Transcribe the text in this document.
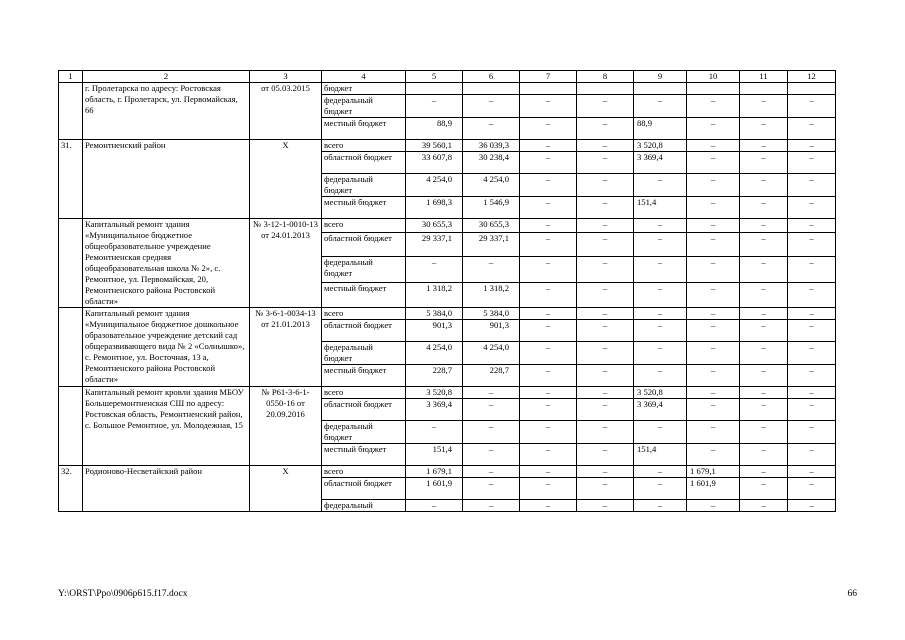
1	2	3	4	5	6	7	8	9	10	11	12
	г. Пролетарска по адресу: Ростовская область, г. Пролетарск, ул. Первомайская, 66	от 05.03.2015	бюджет								
			федеральный бюджет	–	–	–	–	–	–	–	–
			местный бюджет	88,9	–	–	–	88,9	–	–	–
31.	Ремонтненский район	Х	всего	39 560,1	36 039,3	–	–	3 520,8	–	–	–
			областной бюджет	33 607,8	30 238,4	–	–	3 369,4	–	–	–
			федеральный бюджет	4 254,0	4 254,0	–	–	–	–	–	–
			местный бюджет	1 698,3	1 546,9	–	–	151,4	–	–	–
	Капитальный ремонт здания «Муниципальное бюджетное общеобразовательное учреждение Ремонтненская средняя общеобразовательная школа № 2», с. Ремонтное, ул. Первомайская, 20, Ремонтненского района Ростовской области»	№ 3-12-1-0010-13 от 24.01.2013	всего	30 655,3	30 655,3	–	–	–	–	–	–
			областной бюджет	29 337,1	29 337,1	–	–	–	–	–	–
			федеральный бюджет	–	–	–	–	–	–	–	–
			местный бюджет	1 318,2	1 318,2	–	–	–	–	–	–
	Капитальный ремонт здания «Муниципальное бюджетное дошкольное образовательное учреждение детский сад общеразвивающего вида № 2 «Солнышко», с. Ремонтное, ул. Восточная, 13 а, Ремонтненского района Ростовской области»	№ 3-6-1-0034-13 от 21.01.2013	всего	5 384,0	5 384,0	–	–	–	–	–	–
			областной бюджет	901,3	901,3	–	–	–	–	–	–
			федеральный бюджет	4 254,0	4 254,0	–	–	–	–	–	–
			местный бюджет	228,7	228,7	–	–	–	–	–	–
	Капитальный ремонт кровли здания МБОУ Большеремонтненская СШ по адресу: Ростовская область, Ремонтненский район, с. Большое Ремонтное, ул. Молодежная, 15	№ Р61-3-6-1-0550-16 от 20.09.2016	всего	3 520,8	–	–	–	3 520,8	–	–	–
			областной бюджет	3 369,4	–	–	–	3 369,4	–	–	–
			федеральный бюджет	–	–	–	–	–	–	–	–
			местный бюджет	151,4	–	–	–	151,4	–	–	–
32.	Родионово-Несветайский район	Х	всего	1 679,1	–	–	–	–	1 679,1	–	–
			областной бюджет	1 601,9	–	–	–	–	1 601,9	–	–
			федеральный	–	–	–	–	–	–	–	–
Y:\ORST\Ppo\0906p615.f17.docx	66
